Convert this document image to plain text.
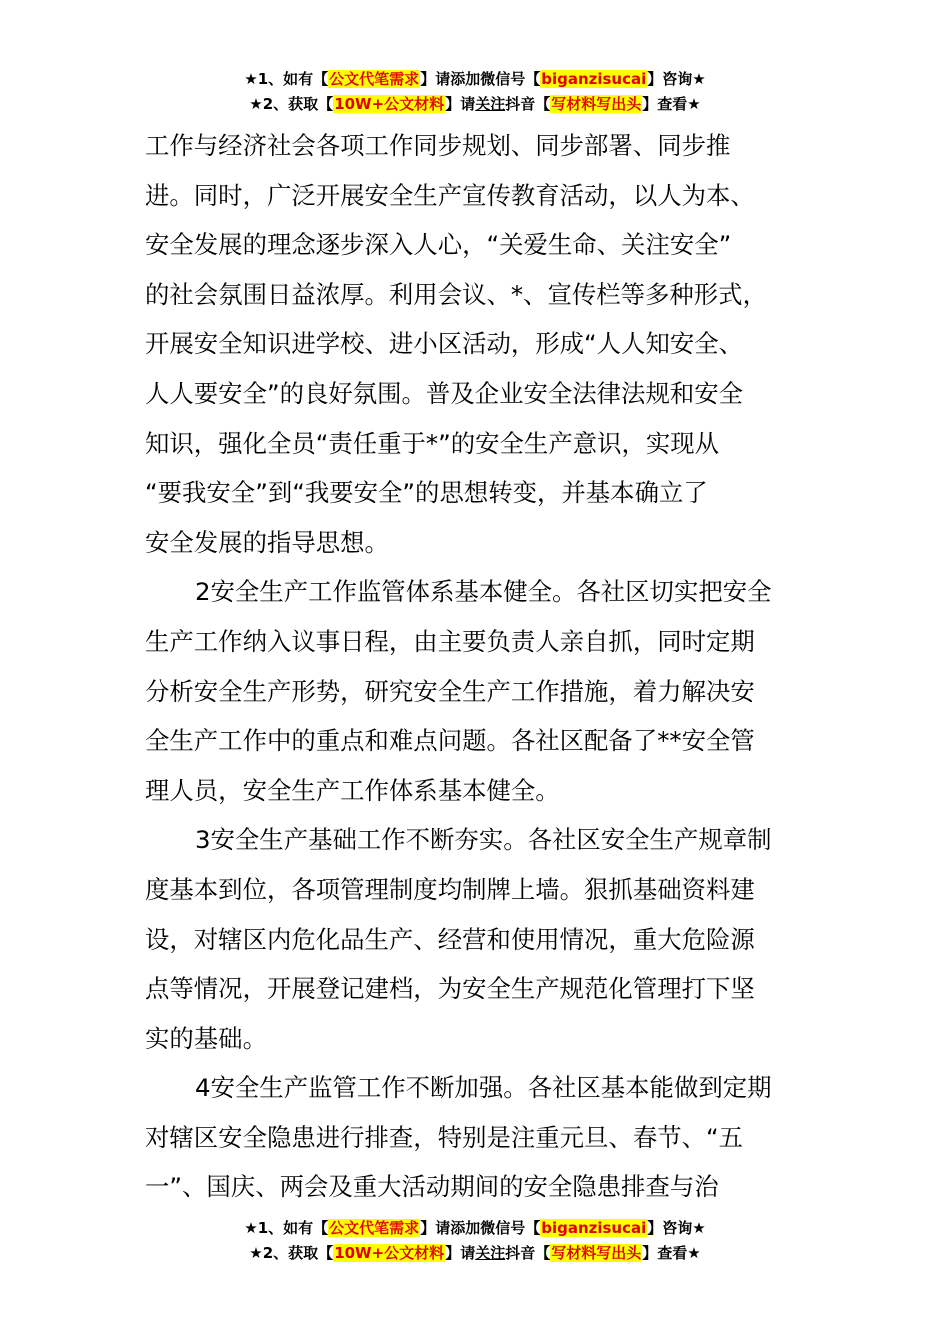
★1、如有【公文代笔需求】请添加微信号【biganzisucai】咨询★
★2、获取【10W+公文材料】请关注抖音【写材料写出头】查看★

工作与经济社会各项工作同步规划、同步部署、同步推
进。同时，广泛开展安全生产宣传教育活动，以人为本、
安全发展的理念逐步深入人心，“关爱生命、关注安全”
的社会氛围日益浓厚。利用会议、*、宣传栏等多种形式，
开展安全知识进学校、进小区活动，形成“人人知安全、
人人要安全”的良好氛围。普及企业安全法律法规和安全
知识，强化全员“责任重于*”的安全生产意识，实现从
“要我安全”到“我要安全”的思想转变，并基本确立了
安全发展的指导思想。

2安全生产工作监管体系基本健全。各社区切实把安全
生产工作纳入议事日程，由主要负责人亲自抓，同时定期
分析安全生产形势，研究安全生产工作措施，着力解决安
全生产工作中的重点和难点问题。各社区配备了**安全管
理人员，安全生产工作体系基本健全。

3安全生产基础工作不断夯实。各社区安全生产规章制
度基本到位，各项管理制度均制牌上墙。狠抓基础资料建
设，对辖区内危化品生产、经营和使用情况，重大危险源
点等情况，开展登记建档，为安全生产规范化管理打下坚
实的基础。

4安全生产监管工作不断加强。各社区基本能做到定期
对辖区安全隐患进行排查，特别是注重元旦、春节、“五
一”、国庆、两会及重大活动期间的安全隐患排查与治

★1、如有【公文代笔需求】请添加微信号【biganzisucai】咨询★
★2、获取【10W+公文材料】请关注抖音【写材料写出头】查看★
